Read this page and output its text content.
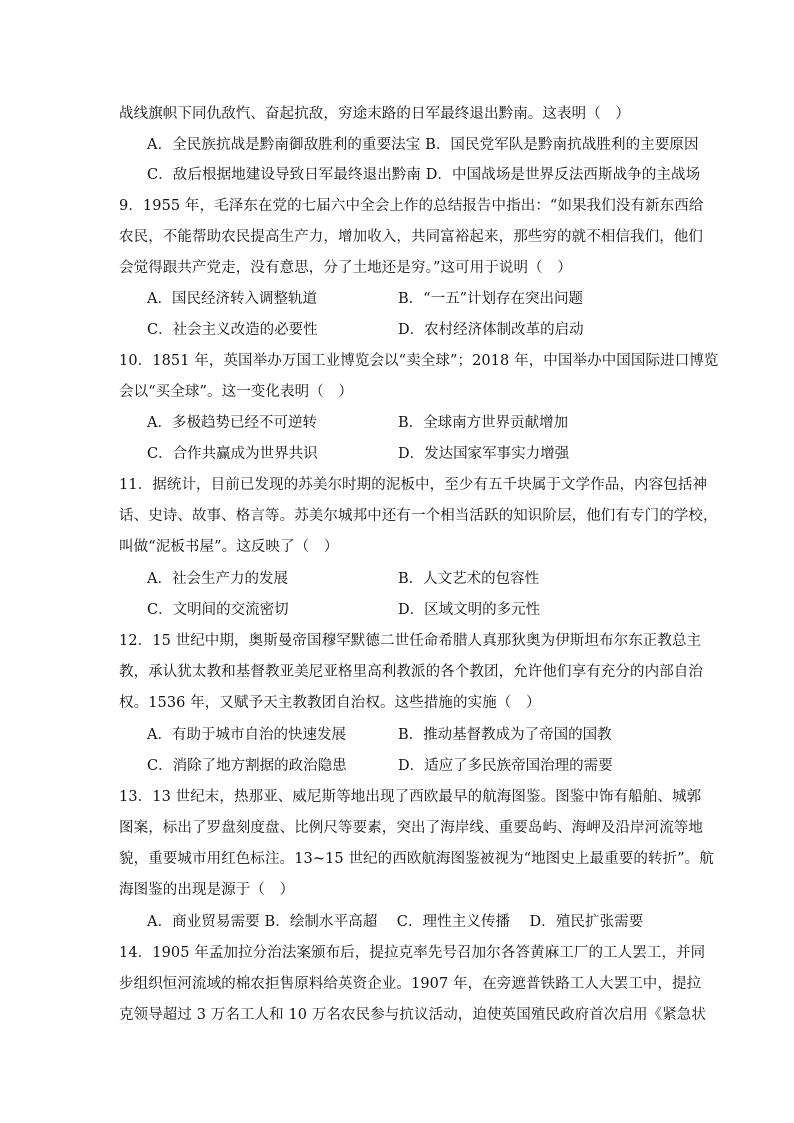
战线旗帜下同仇敌忾、奋起抗敌，穷途末路的日军最终退出黔南。这表明（　）
A．全民族抗战是黔南御敌胜利的重要法宝 B．国民党军队是黔南抗战胜利的主要原因
C．敌后根据地建设导致日军最终退出黔南 D．中国战场是世界反法西斯战争的主战场
9．1955 年，毛泽东在党的七届六中全会上作的总结报告中指出：“如果我们没有新东西给
农民，不能帮助农民提高生产力，增加收入，共同富裕起来，那些穷的就不相信我们，他们
会觉得跟共产党走，没有意思，分了土地还是穷。”这可用于说明（　）
A．国民经济转入调整轨道	B．“一五”计划存在突出问题
C．社会主义改造的必要性	D．农村经济体制改革的启动
10．1851 年，英国举办万国工业博览会以“卖全球”；2018 年，中国举办中国国际进口博览
会以“买全球”。这一变化表明（　）
A．多极趋势已经不可逆转	B．全球南方世界贡献增加
C．合作共赢成为世界共识	D．发达国家军事实力增强
11．据统计，目前已发现的苏美尔时期的泥板中，至少有五千块属于文学作品，内容包括神
话、史诗、故事、格言等。苏美尔城邦中还有一个相当活跃的知识阶层，他们有专门的学校，
叫做“泥板书屋”。这反映了（　）
A．社会生产力的发展	B．人文艺术的包容性
C．文明间的交流密切	D．区域文明的多元性
12．15 世纪中期，奥斯曼帝国穆罕默德二世任命希腊人真那狄奥为伊斯坦布尔东正教总主
教，承认犹太教和基督教亚美尼亚格里高利教派的各个教团，允许他们享有充分的内部自治
权。1536 年，又赋予天主教教团自治权。这些措施的实施（　）
A．有助于城市自治的快速发展	B．推动基督教成为了帝国的国教
C．消除了地方割据的政治隐患	D．适应了多民族帝国治理的需要
13．13 世纪末，热那亚、威尼斯等地出现了西欧最早的航海图鉴。图鉴中饰有船舶、城郭
图案，标出了罗盘刻度盘、比例尺等要素，突出了海岸线、重要岛屿、海岬及沿岸河流等地
貌，重要城市用红色标注。13~15 世纪的西欧航海图鉴被视为“地图史上最重要的转折”。航
海图鉴的出现是源于（　）
A．商业贸易需要 B．绘制水平高超　 C．理性主义传播　 D．殖民扩张需要
14．1905 年孟加拉分治法案颁布后，提拉克率先号召加尔各答黄麻工厂的工人罢工，并同
步组织恒河流域的棉农拒售原料给英资企业。1907 年，在旁遮普铁路工人大罢工中，提拉
克领导超过 3 万名工人和 10 万名农民参与抗议活动，迫使英国殖民政府首次启用《紧急状
